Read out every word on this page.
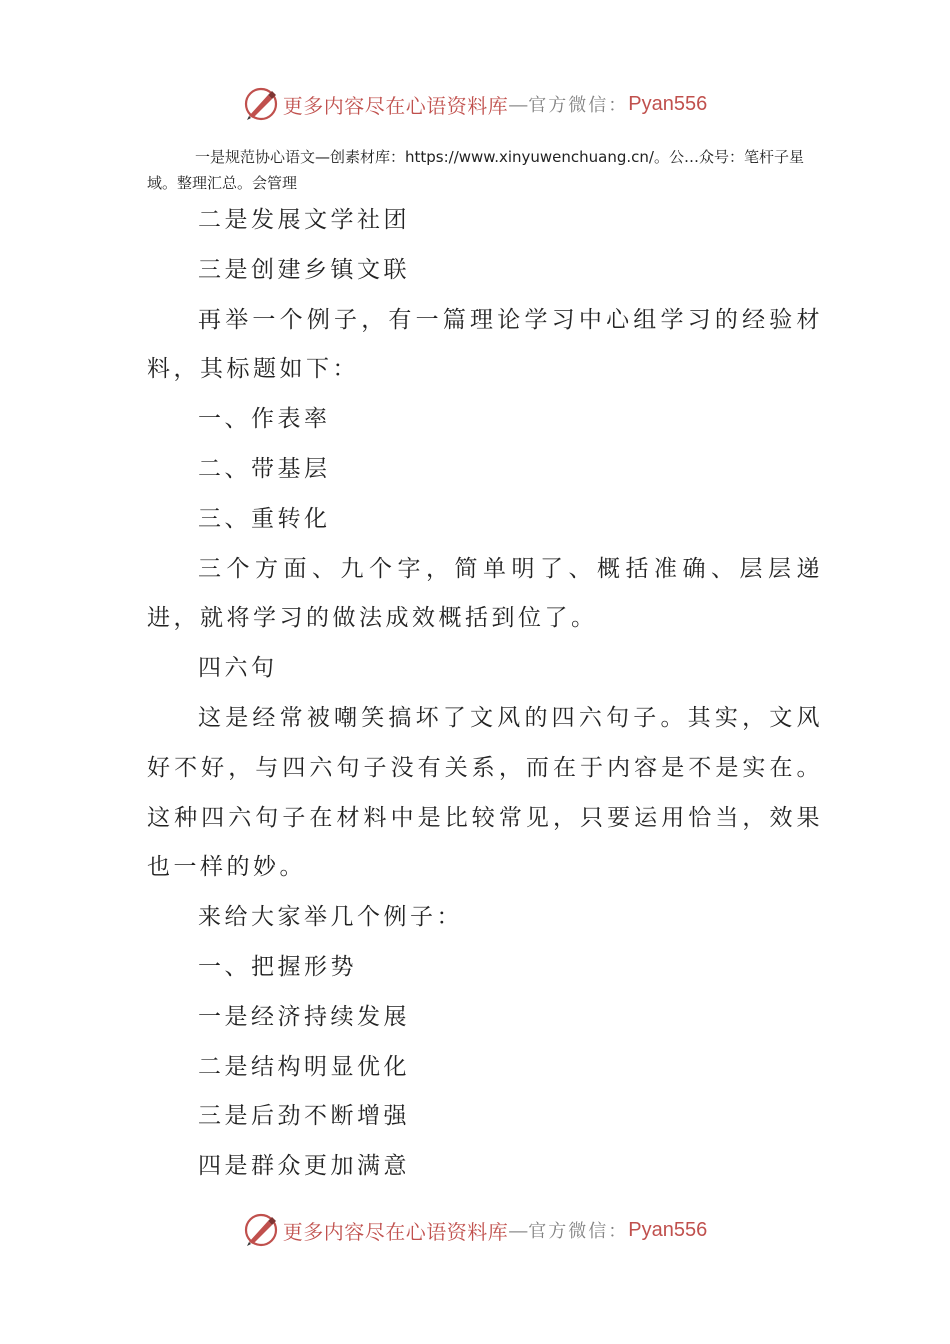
更多内容尽在心语资料库 — 官方微信： Pyan556

一是规范协心语文—创素材库：https://www.xinyuwenchuang.cn/。公…众号：笔杆子星域。整理汇总。会管理

二是发展文学社团

三是创建乡镇文联

再举一个例子，有一篇理论学习中心组学习的经验材料，其标题如下：

一、作表率

二、带基层

三、重转化

三个方面、九个字，简单明了、概括准确、层层递进，就将学习的做法成效概括到位了。

四六句

这是经常被嘲笑搞坏了文风的四六句子。其实，文风好不好，与四六句子没有关系，而在于内容是不是实在。这种四六句子在材料中是比较常见，只要运用恰当，效果也一样的妙。

来给大家举几个例子：

一、把握形势

一是经济持续发展

二是结构明显优化

三是后劲不断增强

四是群众更加满意

更多内容尽在心语资料库 — 官方微信： Pyan556
